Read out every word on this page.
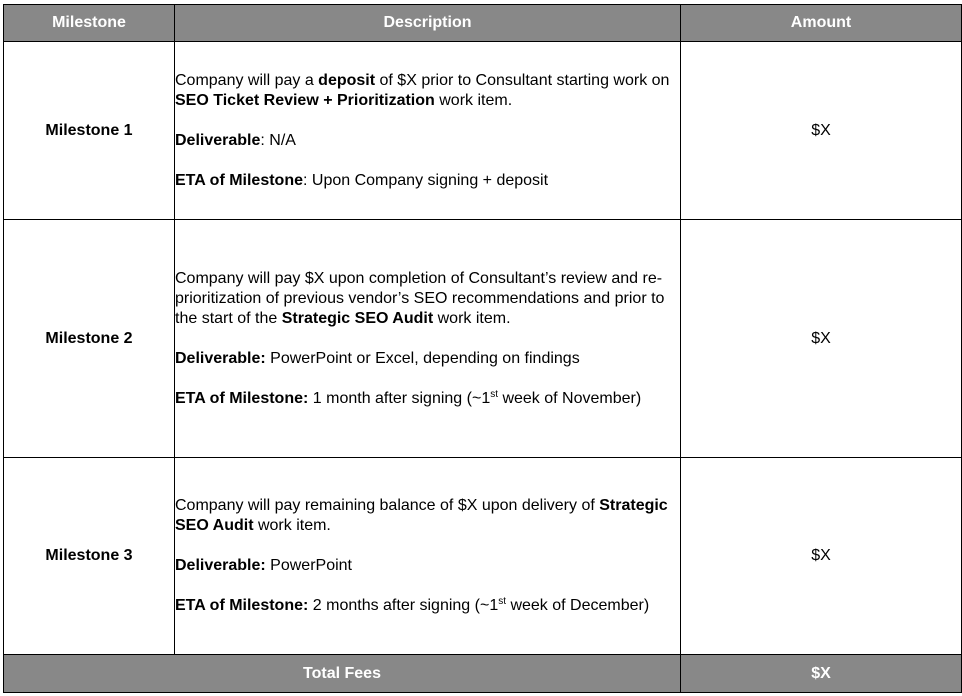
Milestone	Description	Amount
Milestone 1	Company will pay a deposit of $X prior to Consultant starting work on SEO Ticket Review + Prioritization work item.

Deliverable: N/A

ETA of Milestone: Upon Company signing + deposit	$X
Milestone 2	Company will pay $X upon completion of Consultant’s review and re-prioritization of previous vendor’s SEO recommendations and prior to the start of the Strategic SEO Audit work item.

Deliverable: PowerPoint or Excel, depending on findings

ETA of Milestone: 1 month after signing (~1st week of November)	$X
Milestone 3	Company will pay remaining balance of $X upon delivery of Strategic SEO Audit work item.

Deliverable: PowerPoint

ETA of Milestone: 2 months after signing (~1st week of December)	$X
Total Fees		$X
